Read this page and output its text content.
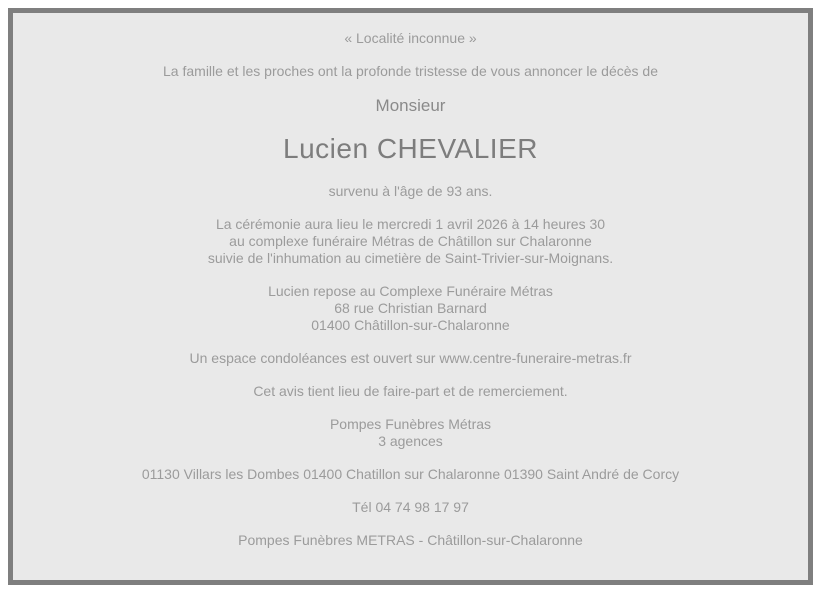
« Localité inconnue »

La famille et les proches ont la profonde tristesse de vous annoncer le décès de

Monsieur

Lucien CHEVALIER

survenu à l'âge de 93 ans.

La cérémonie aura lieu le mercredi 1 avril 2026 à 14 heures 30
au complexe funéraire Métras de Châtillon sur Chalaronne
suivie de l'inhumation au cimetière de Saint-Trivier-sur-Moignans.

Lucien repose au Complexe Funéraire Métras
68 rue Christian Barnard
01400 Châtillon-sur-Chalaronne

Un espace condoléances est ouvert sur www.centre-funeraire-metras.fr

Cet avis tient lieu de faire-part et de remerciement.

Pompes Funèbres Métras
3 agences

01130 Villars les Dombes 01400 Chatillon sur Chalaronne 01390 Saint André de Corcy

Tél 04 74 98 17 97

Pompes Funèbres METRAS - Châtillon-sur-Chalaronne
